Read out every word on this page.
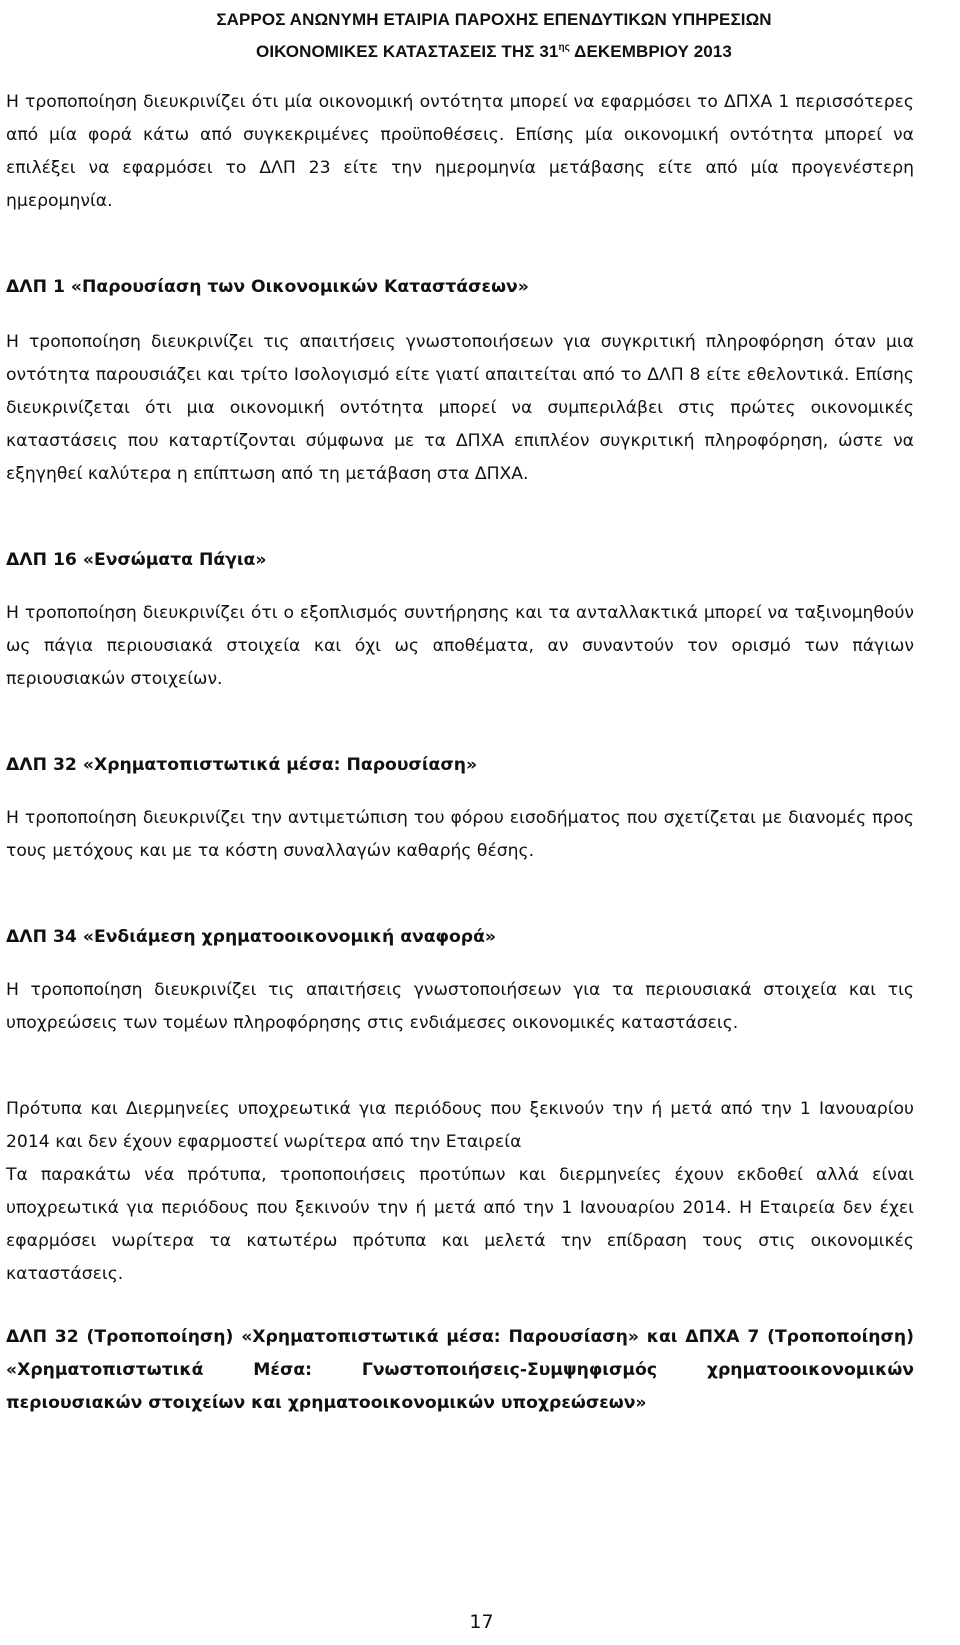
ΣΑΡΡΟΣ ΑΝΩΝΥΜΗ ΕΤΑΙΡΙΑ ΠΑΡΟΧΗΣ ΕΠΕΝΔΥΤΙΚΩΝ ΥΠΗΡΕΣΙΩΝ
ΟΙΚΟΝΟΜΙΚΕΣ ΚΑΤΑΣΤΑΣΕΙΣ ΤΗΣ $31^{\eta\varsigma}$ ΔΕΚΕΜΒΡΙΟΥ 2013

Η τροποποίηση διευκρινίζει ότι μία οικονομική οντότητα μπορεί να εφαρμόσει το ΔΠΧΑ 1 περισσότερες από μία φορά κάτω από συγκεκριμένες προϋποθέσεις. Επίσης μία οικονομική οντότητα μπορεί να επιλέξει να εφαρμόσει το ΔΛΠ 23 είτε την ημερομηνία μετάβασης είτε από μία προγενέστερη ημερομηνία.

ΔΛΠ 1 «Παρουσίαση των Οικονομικών Καταστάσεων»

Η τροποποίηση διευκρινίζει τις απαιτήσεις γνωστοποιήσεων για συγκριτική πληροφόρηση όταν μια οντότητα παρουσιάζει και τρίτο Ισολογισμό είτε γιατί απαιτείται από το ΔΛΠ 8 είτε εθελοντικά. Επίσης διευκρινίζεται ότι μια οικονομική οντότητα μπορεί να συμπεριλάβει στις πρώτες οικονομικές καταστάσεις που καταρτίζονται σύμφωνα με τα ΔΠΧΑ επιπλέον συγκριτική πληροφόρηση, ώστε να εξηγηθεί καλύτερα η επίπτωση από τη μετάβαση στα ΔΠΧΑ.

ΔΛΠ 16 «Ενσώματα Πάγια»

Η τροποποίηση διευκρινίζει ότι ο εξοπλισμός συντήρησης και τα ανταλλακτικά μπορεί να ταξινομηθούν ως πάγια περιουσιακά στοιχεία και όχι ως αποθέματα, αν συναντούν τον ορισμό των πάγιων περιουσιακών στοιχείων.

ΔΛΠ 32 «Χρηματοπιστωτικά μέσα: Παρουσίαση»

Η τροποποίηση διευκρινίζει την αντιμετώπιση του φόρου εισοδήματος που σχετίζεται με διανομές προς τους μετόχους και με τα κόστη συναλλαγών καθαρής θέσης.

ΔΛΠ 34 «Ενδιάμεση χρηματοοικονομική αναφορά»

Η τροποποίηση διευκρινίζει τις απαιτήσεις γνωστοποιήσεων για τα περιουσιακά στοιχεία και τις υποχρεώσεις των τομέων πληροφόρησης στις ενδιάμεσες οικονομικές καταστάσεις.

Πρότυπα και Διερμηνείες υποχρεωτικά για περιόδους που ξεκινούν την ή μετά από την 1 Ιανουαρίου 2014 και δεν έχουν εφαρμοστεί νωρίτερα από την Εταιρεία

Τα παρακάτω νέα πρότυπα, τροποποιήσεις προτύπων και διερμηνείες έχουν εκδοθεί αλλά είναι υποχρεωτικά για περιόδους που ξεκινούν την ή μετά από την 1 Ιανουαρίου 2014. Η Εταιρεία δεν έχει εφαρμόσει νωρίτερα τα κατωτέρω πρότυπα και μελετά την επίδραση τους στις οικονομικές καταστάσεις.

ΔΛΠ 32 (Τροποποίηση) «Χρηματοπιστωτικά μέσα: Παρουσίαση» και ΔΠΧΑ 7 (Τροποποίηση) «Χρηματοπιστωτικά Μέσα: Γνωστοποιήσεις-Συμψηφισμός χρηματοοικονομικών περιουσιακών στοιχείων και χρηματοοικονομικών υποχρεώσεων»
17
